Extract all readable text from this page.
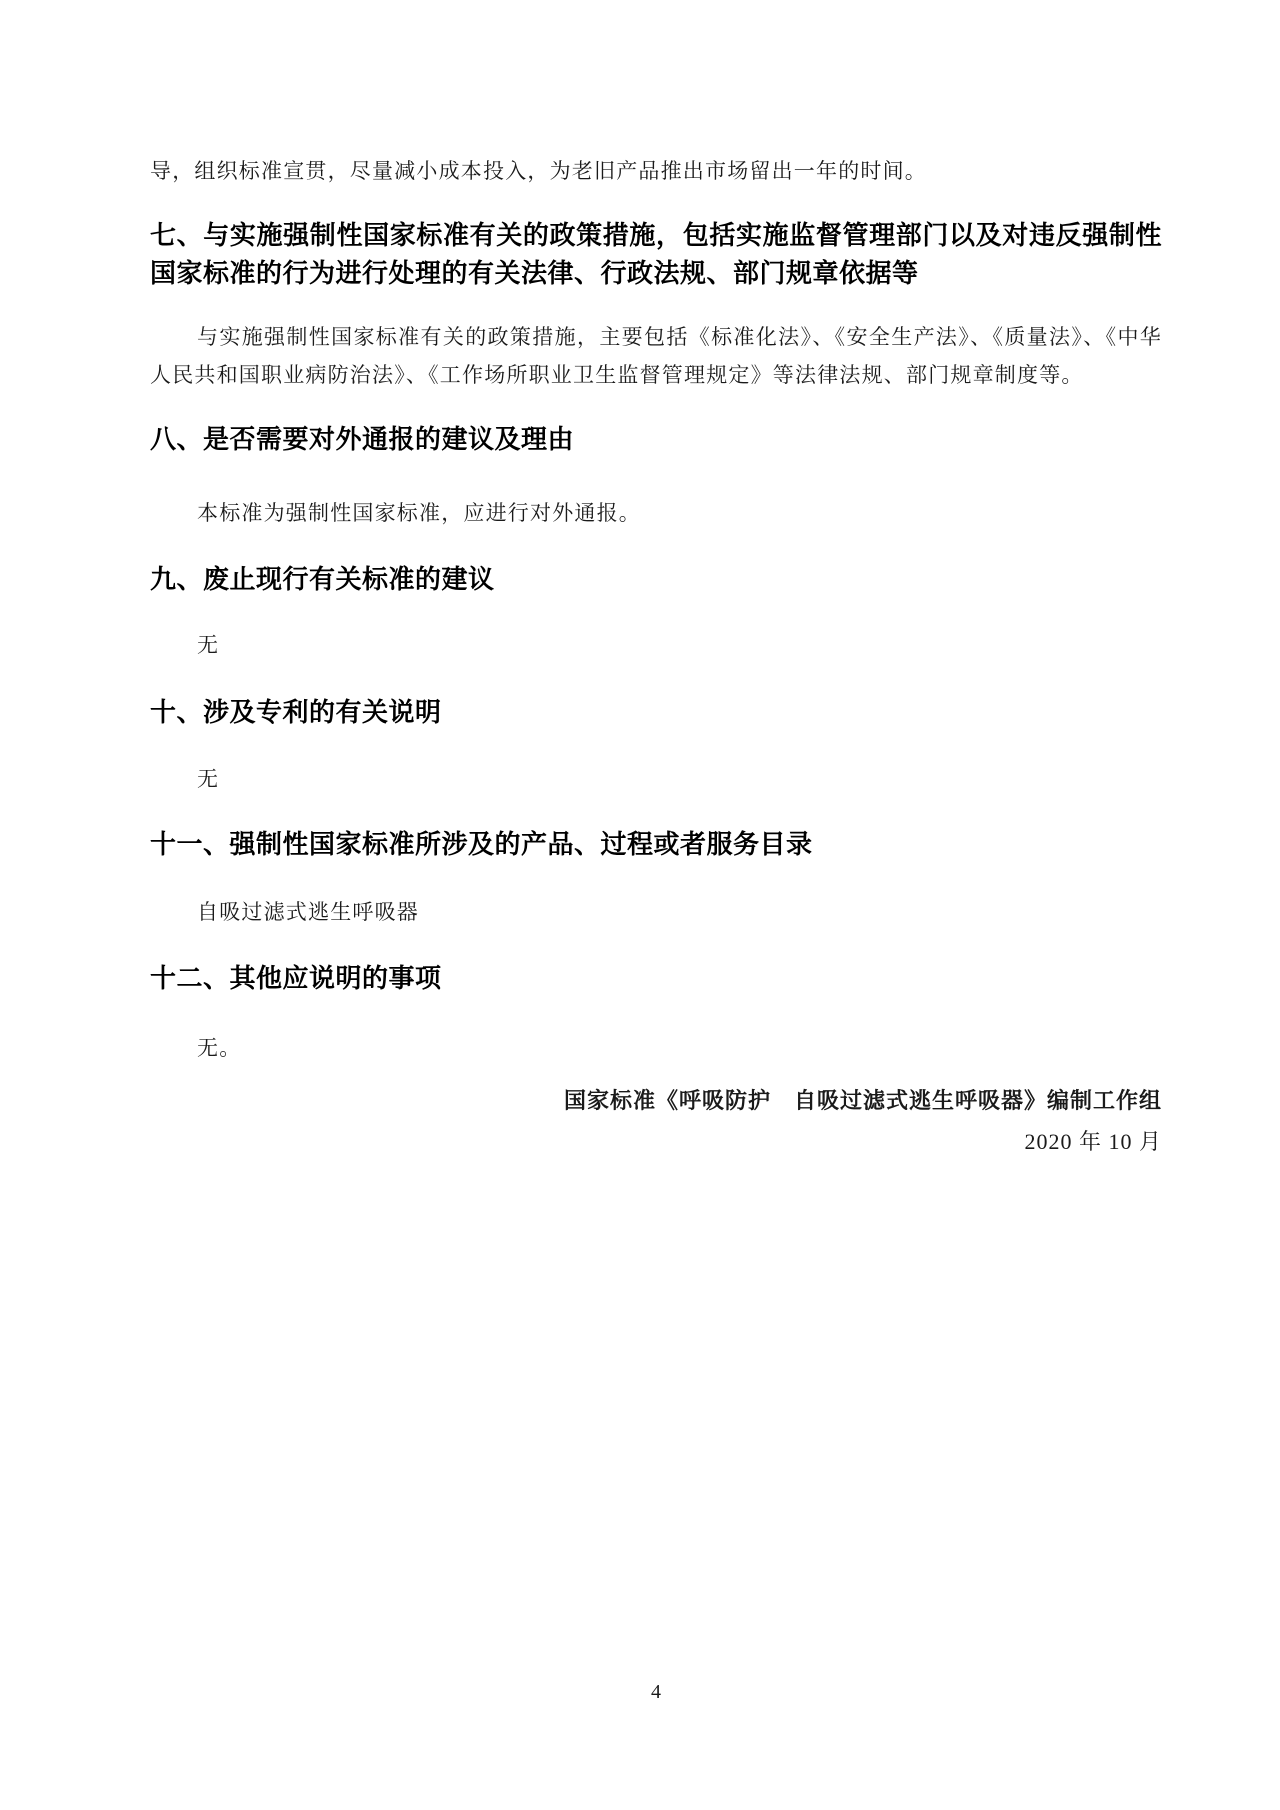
导，组织标准宣贯，尽量减小成本投入，为老旧产品推出市场留出一年的时间。

七、与实施强制性国家标准有关的政策措施，包括实施监督管理部门以及对违反强制性国家标准的行为进行处理的有关法律、行政法规、部门规章依据等

与实施强制性国家标准有关的政策措施，主要包括《标准化法》、《安全生产法》、《质量法》、《中华人民共和国职业病防治法》、《工作场所职业卫生监督管理规定》等法律法规、部门规章制度等。

八、是否需要对外通报的建议及理由

本标准为强制性国家标准，应进行对外通报。

九、废止现行有关标准的建议

无

十、涉及专利的有关说明

无

十一、强制性国家标准所涉及的产品、过程或者服务目录

自吸过滤式逃生呼吸器

十二、其他应说明的事项

无。

国家标准《呼吸防护　自吸过滤式逃生呼吸器》编制工作组

2020 年 10 月

4
